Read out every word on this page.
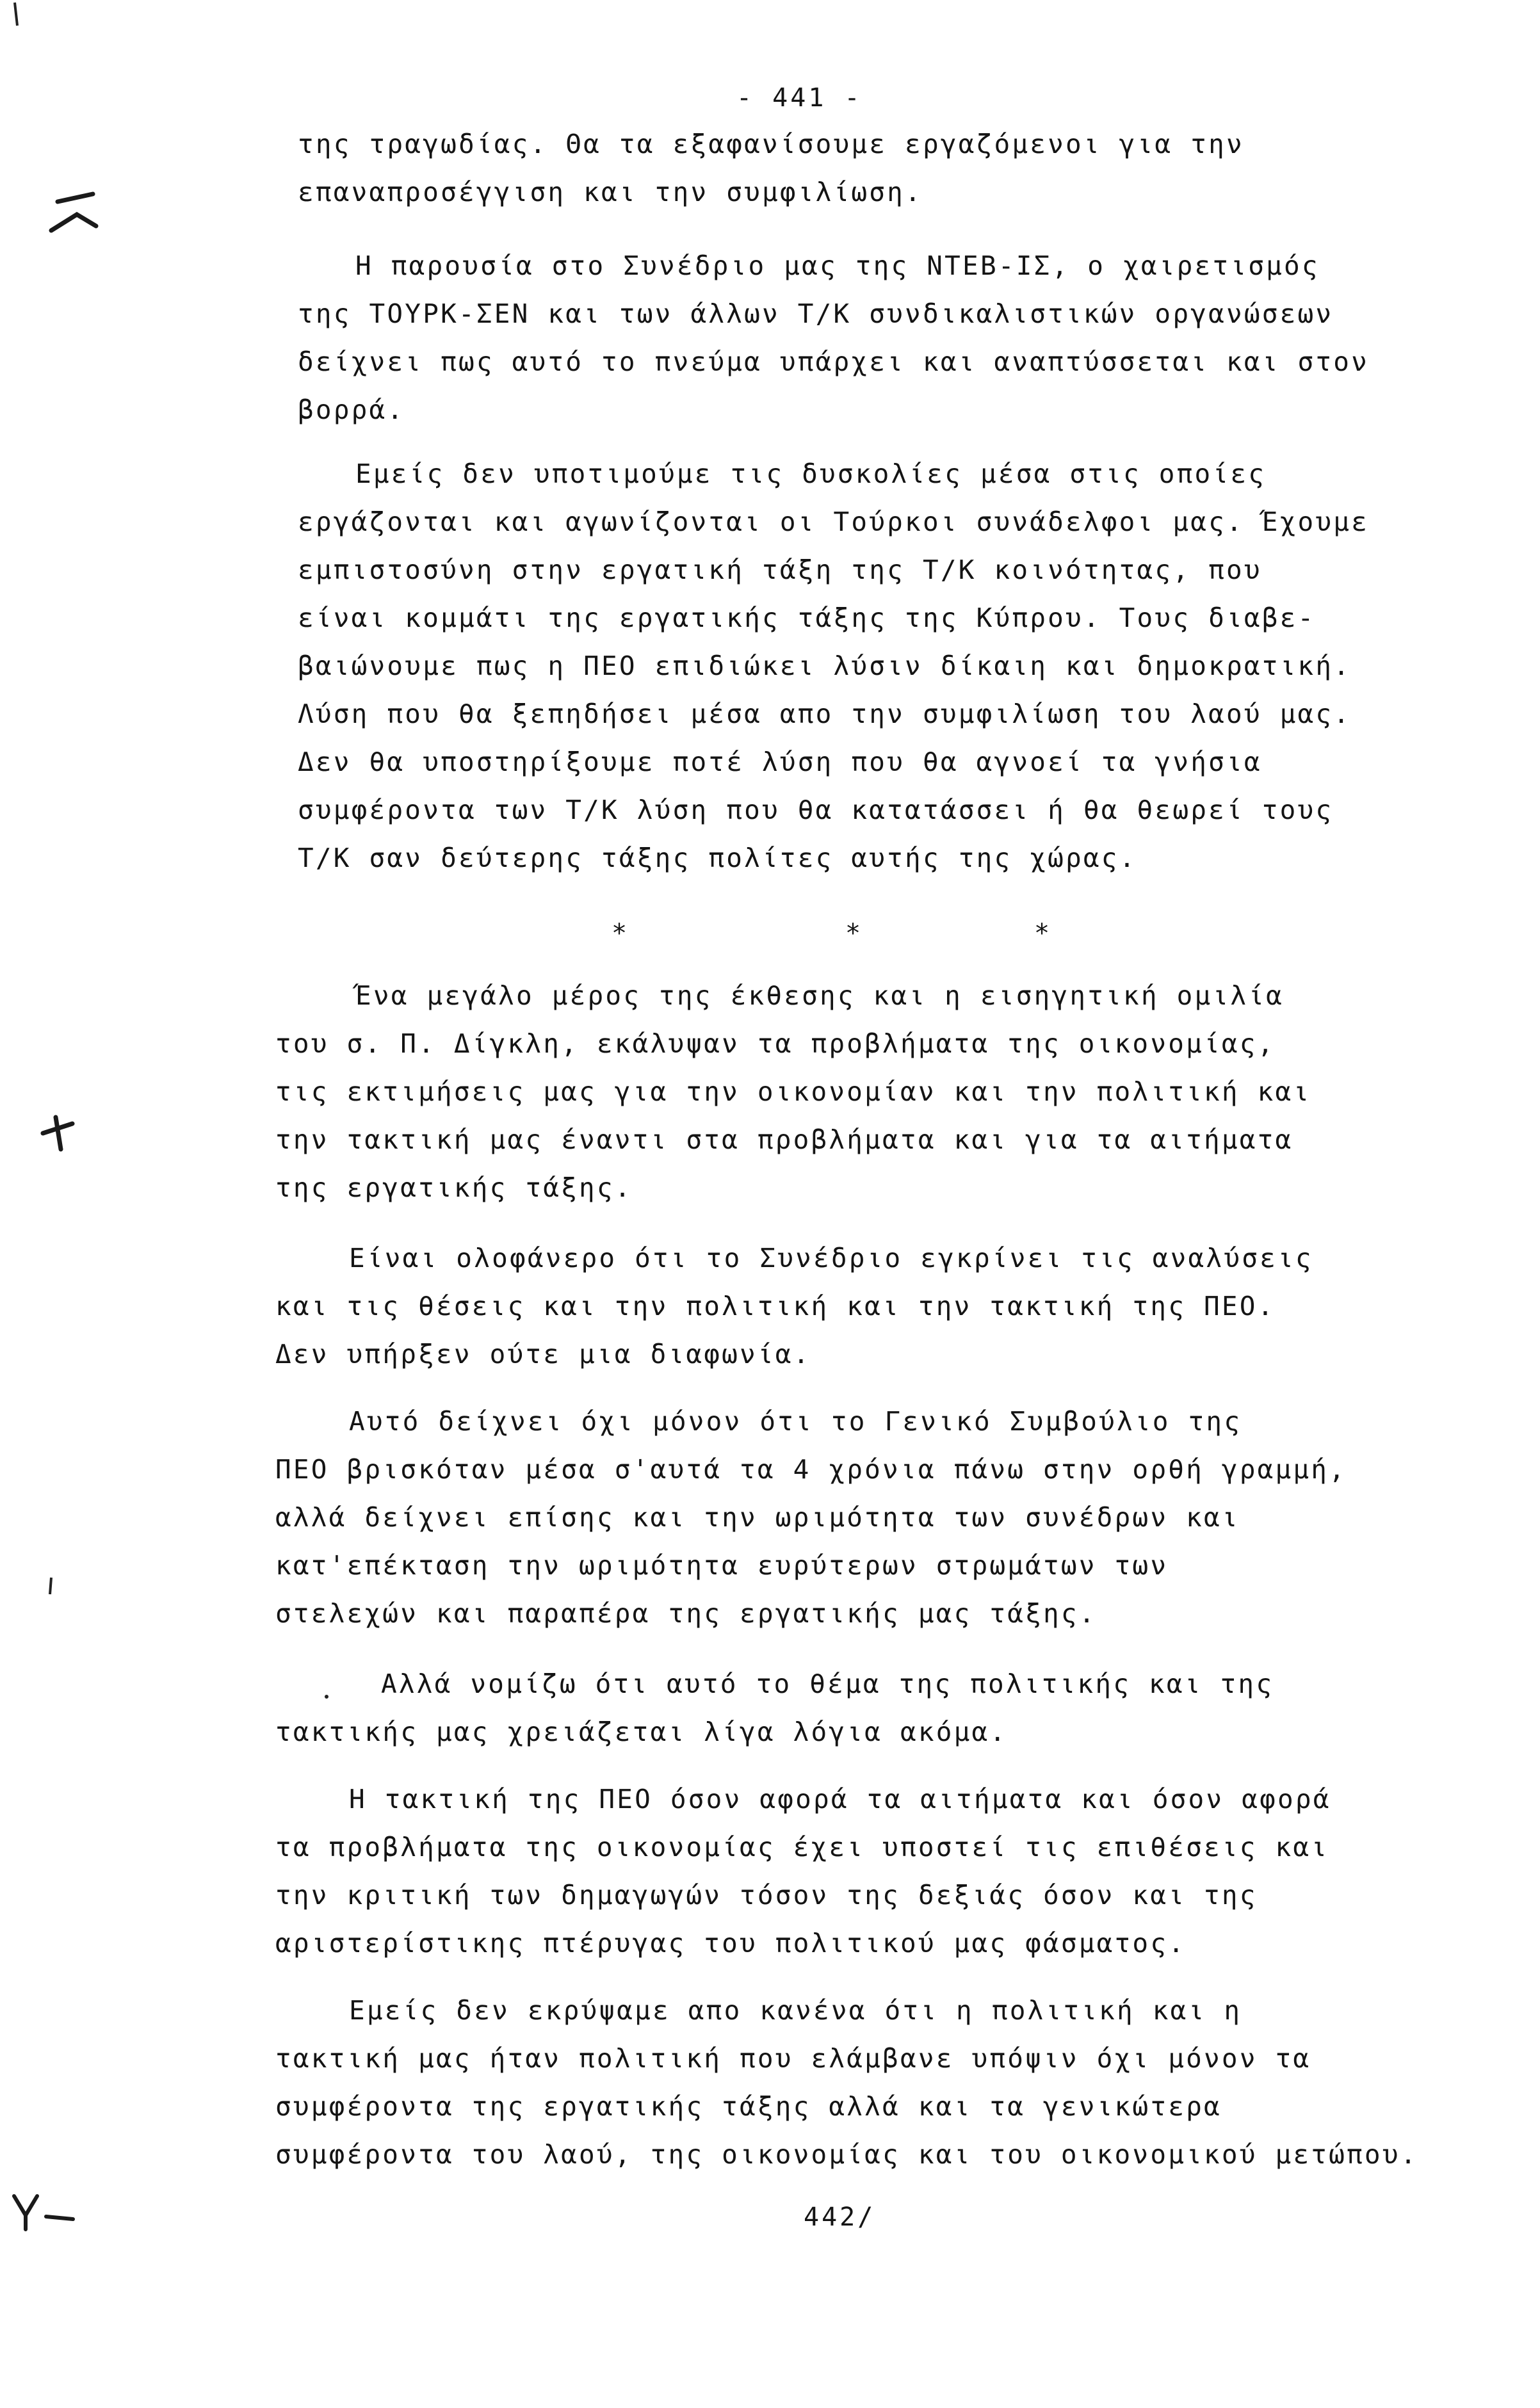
- 441 -
της τραγωδίας. Θα τα εξαφανίσουμε εργαζόμενοι για την
επαναπροσέγγιση και την συμφιλίωση.
Η παρουσία στο Συνέδριο μας της ΝΤΕΒ-ΙΣ, ο χαιρετισμός
της ΤΟΥΡΚ-ΣΕΝ και των άλλων Τ/Κ συνδικαλιστικών οργανώσεων
δείχνει πως αυτό το πνεύμα υπάρχει και αναπτύσσεται και στον
βορρά.
Εμείς δεν υποτιμούμε τις δυσκολίες μέσα στις οποίες
εργάζονται και αγωνίζονται οι Τούρκοι συνάδελφοι μας. Έχουμε
εμπιστοσύνη στην εργατική τάξη της Τ/Κ κοινότητας, που
είναι κομμάτι της εργατικής τάξης της Κύπρου. Τους διαβε-
βαιώνουμε πως η ΠΕΟ επιδιώκει λύσιν δίκαιη και δημοκρατική.
Λύση που θα ξεπηδήσει μέσα απο την συμφιλίωση του λαού μας.
Δεν θα υποστηρίξουμε ποτέ λύση που θα αγνοεί τα γνήσια
συμφέροντα των Τ/Κ λύση που θα κατατάσσει ή θα θεωρεί τους
Τ/Κ σαν δεύτερης τάξης πολίτες αυτής της χώρας.
*	*	*
Ένα μεγάλο μέρος της έκθεσης και η εισηγητική ομιλία
του σ. Π. Δίγκλη, εκάλυψαν τα προβλήματα της οικονομίας,
τις εκτιμήσεις μας για την οικονομίαν και την πολιτική και
την τακτική μας έναντι στα προβλήματα και για τα αιτήματα
της εργατικής τάξης.
Είναι ολοφάνερο ότι το Συνέδριο εγκρίνει τις αναλύσεις
και τις θέσεις και την πολιτική και την τακτική της ΠΕΟ.
Δεν υπήρξεν ούτε μια διαφωνία.
Αυτό δείχνει όχι μόνον ότι το Γενικό Συμβούλιο της
ΠΕΟ βρισκόταν μέσα σ'αυτά τα 4 χρόνια πάνω στην ορθή γραμμή,
αλλά δείχνει επίσης και την ωριμότητα των συνέδρων και
κατ'επέκταση την ωριμότητα ευρύτερων στρωμάτων των
στελεχών και παραπέρα της εργατικής μας τάξης.
Αλλά νομίζω ότι αυτό το θέμα της πολιτικής και της
τακτικής μας χρειάζεται λίγα λόγια ακόμα.
Η τακτική της ΠΕΟ όσον αφορά τα αιτήματα και όσον αφορά
τα προβλήματα της οικονομίας έχει υποστεί τις επιθέσεις και
την κριτική των δημαγωγών τόσον της δεξιάς όσον και της
αριστερίστικης πτέρυγας του πολιτικού μας φάσματος.
Εμείς δεν εκρύψαμε απο κανένα ότι η πολιτική και η
τακτική μας ήταν πολιτική που ελάμβανε υπόψιν όχι μόνον τα
συμφέροντα της εργατικής τάξης αλλά και τα γενικώτερα
συμφέροντα του λαού, της οικονομίας και του οικονομικού μετώπου.
442/
